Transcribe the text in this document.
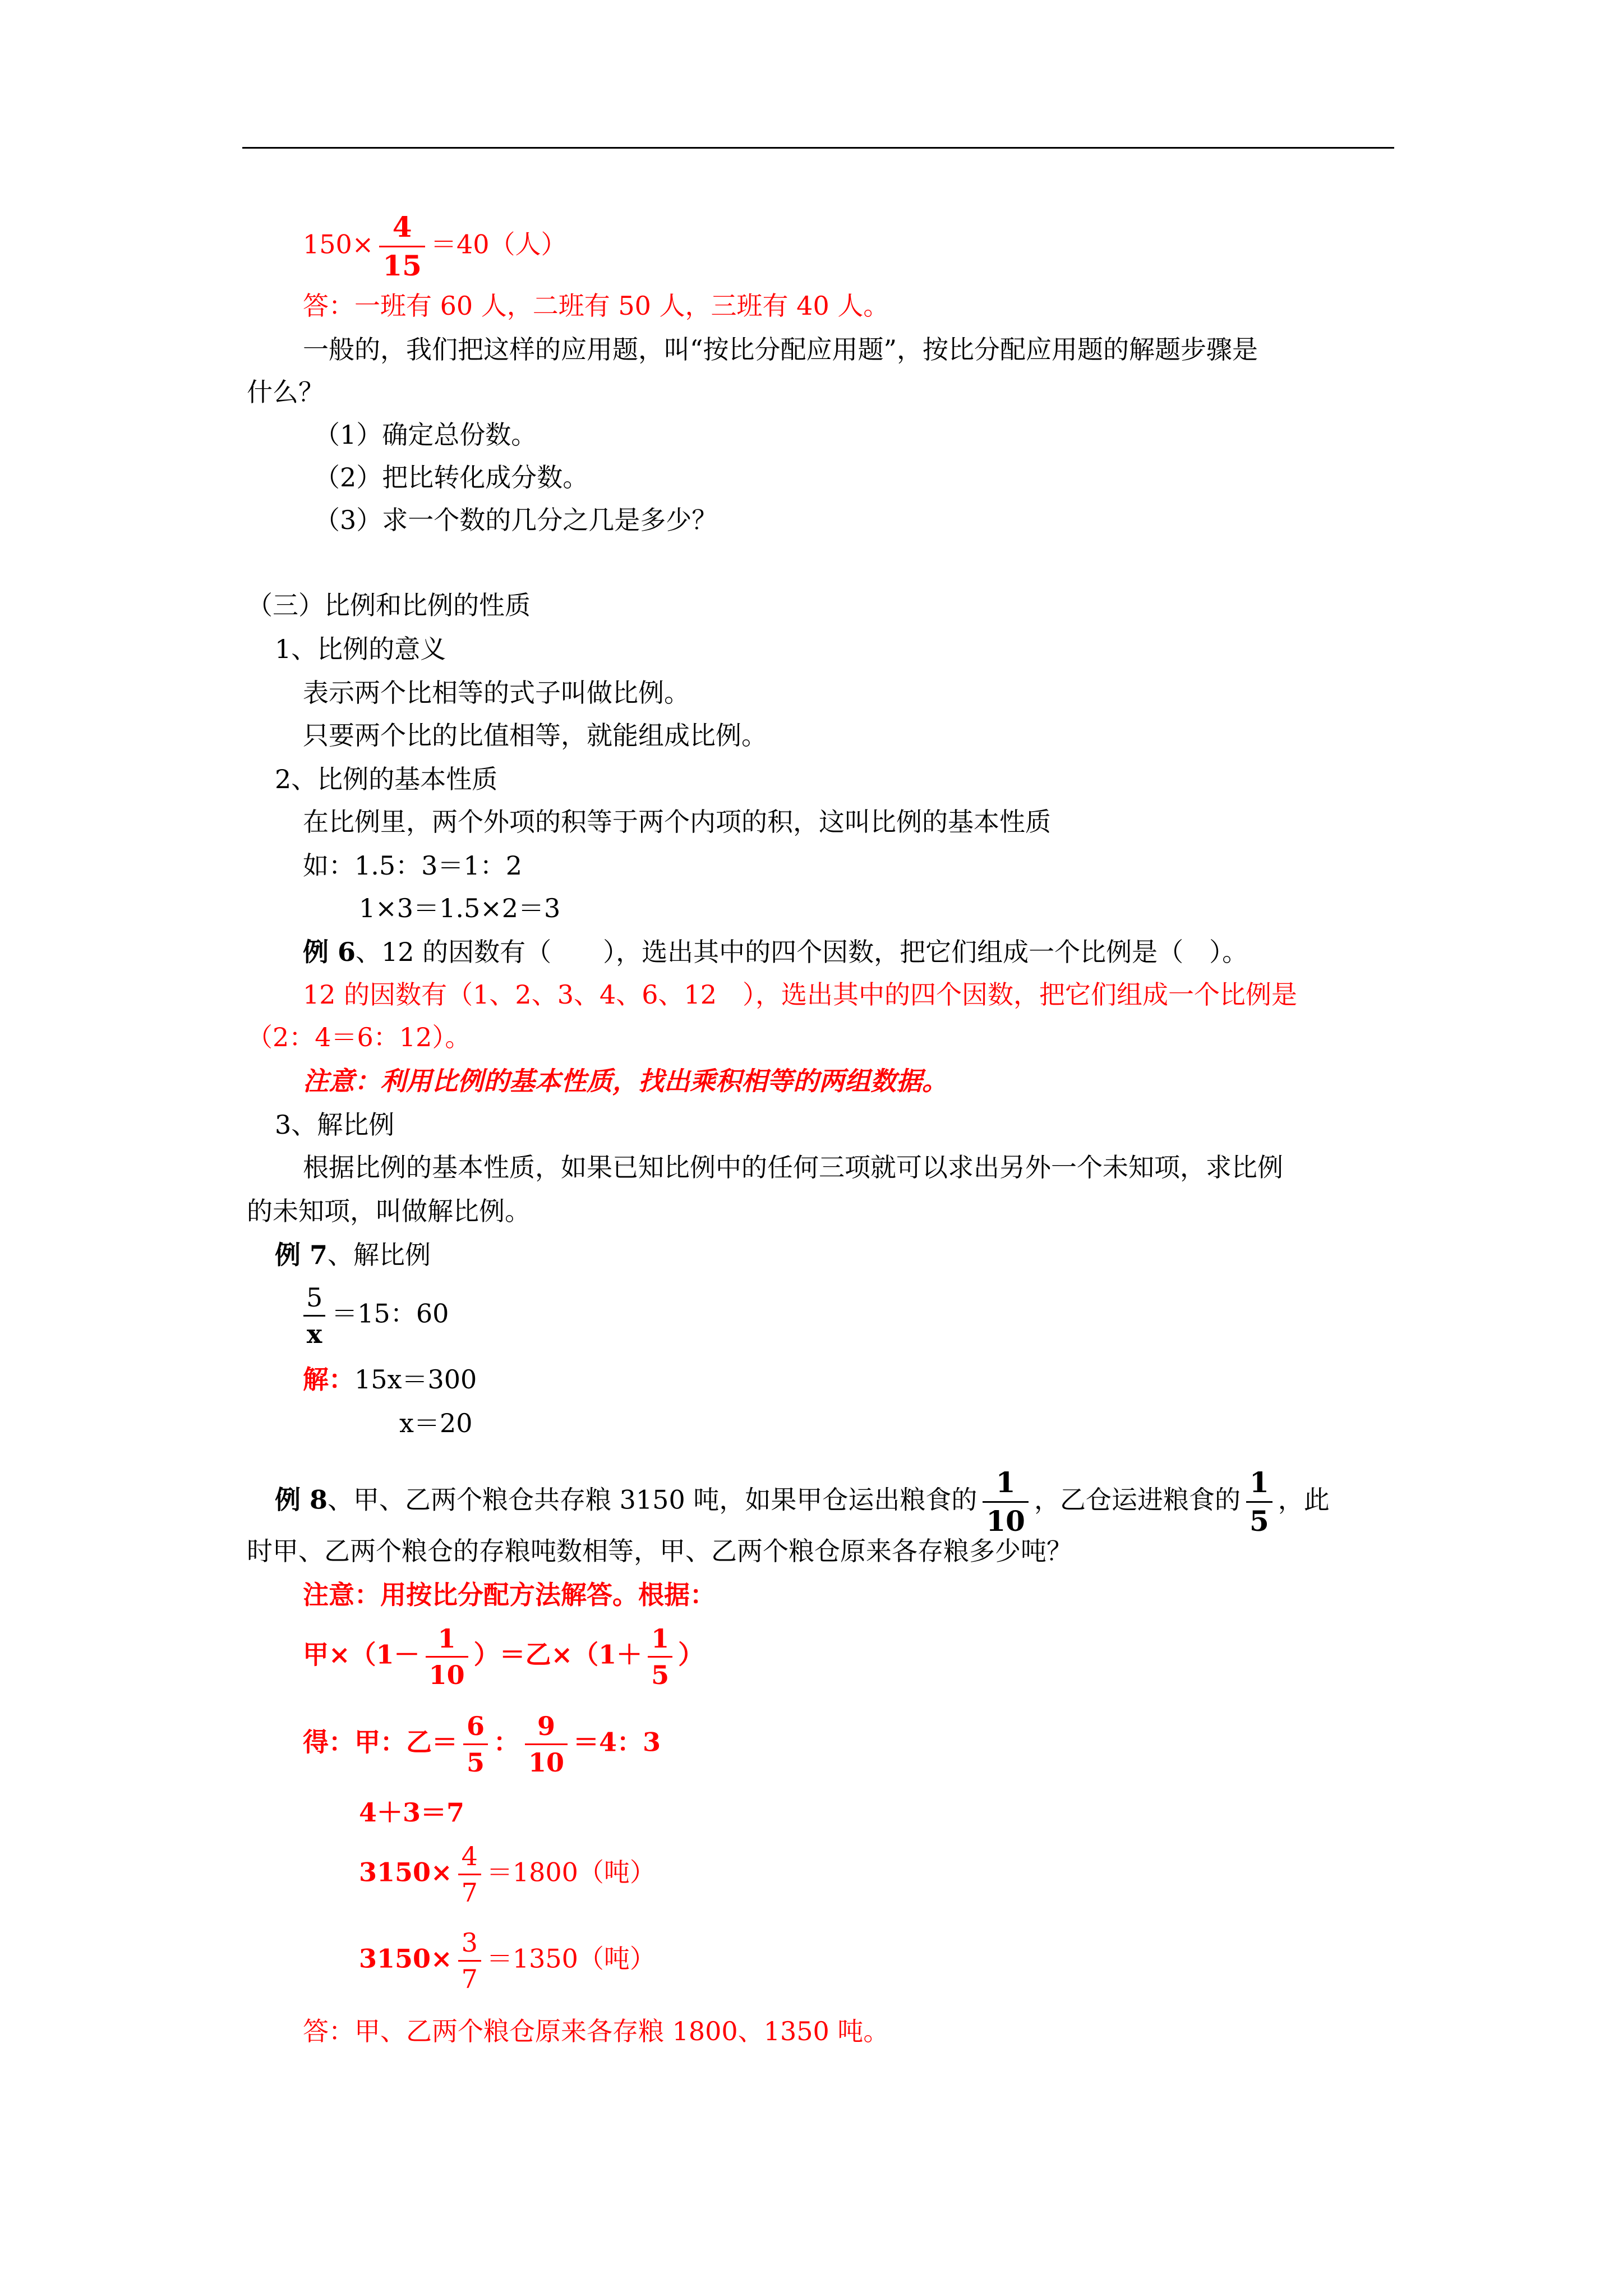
$150\times \frac{4}{15} =40$（人）
答：一班有 60 人，二班有 50 人，三班有 40 人。
一般的，我们把这样的应用题，叫“按比分配应用题”，按比分配应用题的解题步骤是
什么？
（1）确定总份数。
（2）把比转化成分数。
（3）求一个数的几分之几是多少？
（三）比例和比例的性质
1、比例的意义
表示两个比相等的式子叫做比例。
只要两个比的比值相等，就能组成比例。
2、比例的基本性质
在比例里，两个外项的积等于两个内项的积，这叫比例的基本性质
如：1.5：3＝1：2
1×3＝1.5×2＝3
例 6、12 的因数有（　　），选出其中的四个因数，把它们组成一个比例是（　）。
12 的因数有（1、2、3、4、6、12　），选出其中的四个因数，把它们组成一个比例是
（2：4＝6：12）。
注意：利用比例的基本性质，找出乘积相等的两组数据。
3、解比例
根据比例的基本性质，如果已知比例中的任何三项就可以求出另外一个未知项，求比例
的未知项，叫做解比例。
例 7、解比例
$\frac{5}{x} =15$：60
解：15x＝300
x＝20
例 8、甲、乙两个粮仓共存粮 3150 吨，如果甲仓运出粮食的 $\frac{1}{10}$ ，乙仓运进粮食的 $\frac{1}{5}$ ，此
时甲、乙两个粮仓的存粮吨数相等，甲、乙两个粮仓原来各存粮多少吨？
注意：用按比分配方法解答。根据：
甲$\times(1- \frac{1}{10}$ ）＝乙$\times(1+ \frac{1}{5}$ ）
得：甲：乙＝ $\frac{6}{5}$ ： $\frac{9}{10} =4$：3
4＋3＝7
$3150\times \frac{4}{7} =1800$（吨）
$3150\times \frac{3}{7} =1350$（吨）
答：甲、乙两个粮仓原来各存粮 1800、1350 吨。
